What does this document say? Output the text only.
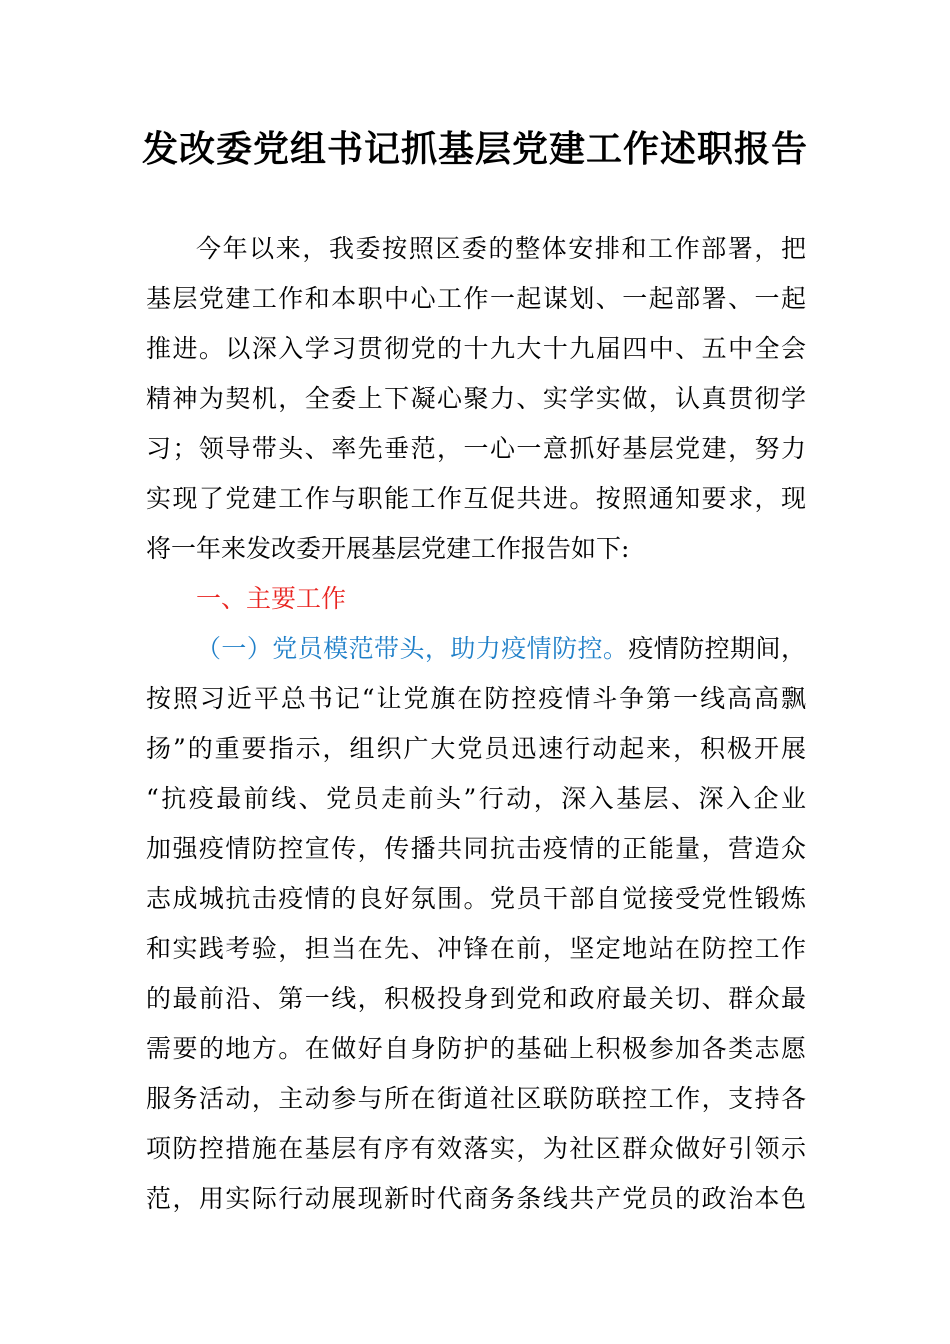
发改委党组书记抓基层党建工作述职报告
今年以来，我委按照区委的整体安排和工作部署，把
基层党建工作和本职中心工作一起谋划、一起部署、一起
推进。以深入学习贯彻党的十九大十九届四中、五中全会
精神为契机，全委上下凝心聚力、实学实做，认真贯彻学
习；领导带头、率先垂范，一心一意抓好基层党建，努力
实现了党建工作与职能工作互促共进。按照通知要求，现
将一年来发改委开展基层党建工作报告如下:
一、主要工作
（一）党员模范带头，助力疫情防控。疫情防控期间，
按照习近平总书记“让党旗在防控疫情斗争第一线高高飘
扬”的重要指示，组织广大党员迅速行动起来，积极开展
“抗疫最前线、党员走前头”行动，深入基层、深入企业
加强疫情防控宣传，传播共同抗击疫情的正能量，营造众
志成城抗击疫情的良好氛围。党员干部自觉接受党性锻炼
和实践考验，担当在先、冲锋在前，坚定地站在防控工作
的最前沿、第一线，积极投身到党和政府最关切、群众最
需要的地方。在做好自身防护的基础上积极参加各类志愿
服务活动，主动参与所在街道社区联防联控工作，支持各
项防控措施在基层有序有效落实，为社区群众做好引领示
范，用实际行动展现新时代商务条线共产党员的政治本色
